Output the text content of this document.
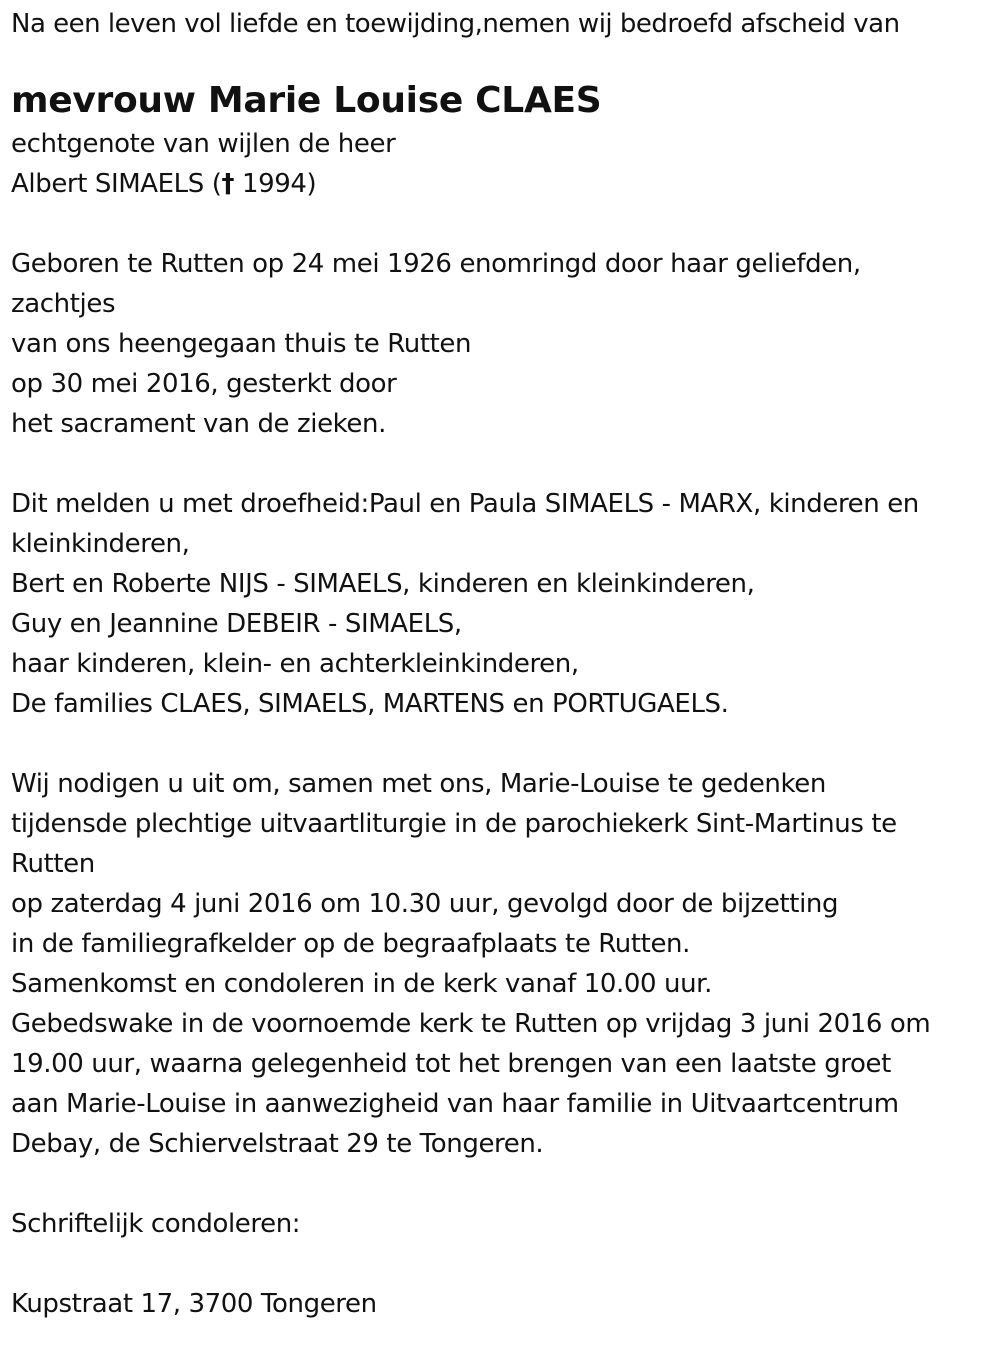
Na een leven vol liefde en toewijding,nemen wij bedroefd afscheid van
mevrouw Marie Louise CLAES
echtgenote van wijlen de heer
Albert SIMAELS († 1994)
Geboren te Rutten op 24 mei 1926 enomringd door haar geliefden,
zachtjes
van ons heengegaan thuis te Rutten
op 30 mei 2016, gesterkt door
het sacrament van de zieken.
Dit melden u met droefheid:Paul en Paula SIMAELS - MARX, kinderen en
kleinkinderen,
Bert en Roberte NIJS - SIMAELS, kinderen en kleinkinderen,
Guy en Jeannine DEBEIR - SIMAELS,
haar kinderen, klein- en achterkleinkinderen,
De families CLAES, SIMAELS, MARTENS en PORTUGAELS.
Wij nodigen u uit om, samen met ons, Marie-Louise te gedenken
tijdensde plechtige uitvaartliturgie in de parochiekerk Sint-Martinus te
Rutten
op zaterdag 4 juni 2016 om 10.30 uur, gevolgd door de bijzetting
in de familiegrafkelder op de begraafplaats te Rutten.
Samenkomst en condoleren in de kerk vanaf 10.00 uur.
Gebedswake in de voornoemde kerk te Rutten op vrijdag 3 juni 2016 om
19.00 uur, waarna gelegenheid tot het brengen van een laatste groet
aan Marie-Louise in aanwezigheid van haar familie in Uitvaartcentrum
Debay, de Schiervelstraat 29 te Tongeren.
Schriftelijk condoleren:
Kupstraat 17, 3700 Tongeren
